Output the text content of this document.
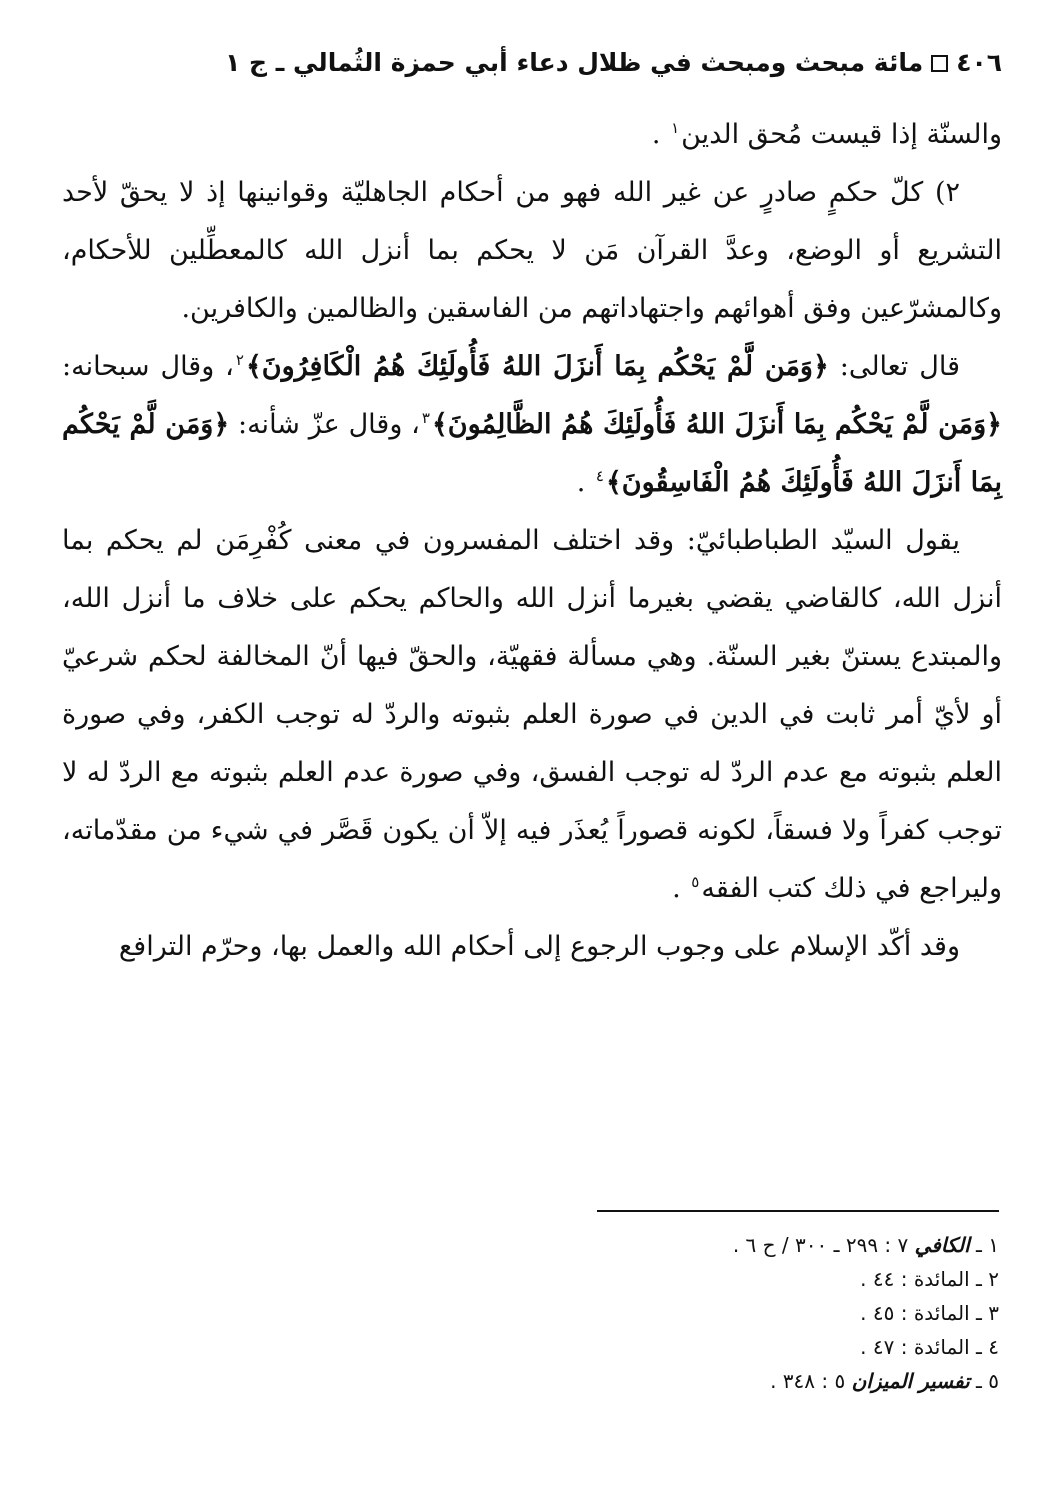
٤٠٦
مائة مبحث ومبحث في ظلال دعاء أبي حمزة الثُمالي ـ ج ١

والسنّة إذا قيست مُحق الدين$^١$ .

٢) كلّ حكمٍ صادرٍ عن غير الله فهو من أحكام الجاهليّة وقوانينها إذ لا يحقّ لأحد التشريع أو الوضع، وعدَّ القرآن مَن لا يحكم بما أنزل الله كالمعطِّلين للأحكام، وكالمشرّعين وفق أهوائهم واجتهاداتهم من الفاسقين والظالمين والكافرين.

قال تعالى: ﴿وَمَن لَّمْ يَحْكُم بِمَا أَنزَلَ اللهُ فَأُولَئِكَ هُمُ الْكَافِرُونَ﴾$^٢$، وقال سبحانه: ﴿وَمَن لَّمْ يَحْكُم بِمَا أَنزَلَ اللهُ فَأُولَئِكَ هُمُ الظَّالِمُونَ﴾$^٣$، وقال عزّ شأنه: ﴿وَمَن لَّمْ يَحْكُم بِمَا أَنزَلَ اللهُ فَأُولَئِكَ هُمُ الْفَاسِقُونَ﴾$^٤$ .

يقول السيّد الطباطبائيّ: وقد اختلف المفسرون في معنى كُفْرِمَن لم يحكم بما أنزل الله، كالقاضي يقضي بغيرما أنزل الله والحاكم يحكم على خلاف ما أنزل الله، والمبتدع يستنّ بغير السنّة. وهي مسألة فقهيّة، والحقّ فيها أنّ المخالفة لحكم شرعيّ أو لأيّ أمر ثابت في الدين في صورة العلم بثبوته والردّ له توجب الكفر، وفي صورة العلم بثبوته مع عدم الردّ له توجب الفسق، وفي صورة عدم العلم بثبوته مع الردّ له لا توجب كفراً ولا فسقاً، لكونه قصوراً يُعذَر فيه إلاّ أن يكون قَصَّر في شيء من مقدّماته، وليراجع في ذلك كتب الفقه$^٥$ .

وقد أكّد الإسلام على وجوب الرجوع إلى أحكام الله والعمل بها، وحرّم الترافع

١ ـ الكافي ٧ : ٢٩٩ ـ ٣٠٠ / ح ٦ .
٢ ـ المائدة : ٤٤ .
٣ ـ المائدة : ٤٥ .
٤ ـ المائدة : ٤٧ .
٥ ـ تفسير الميزان ٥ : ٣٤٨ .
